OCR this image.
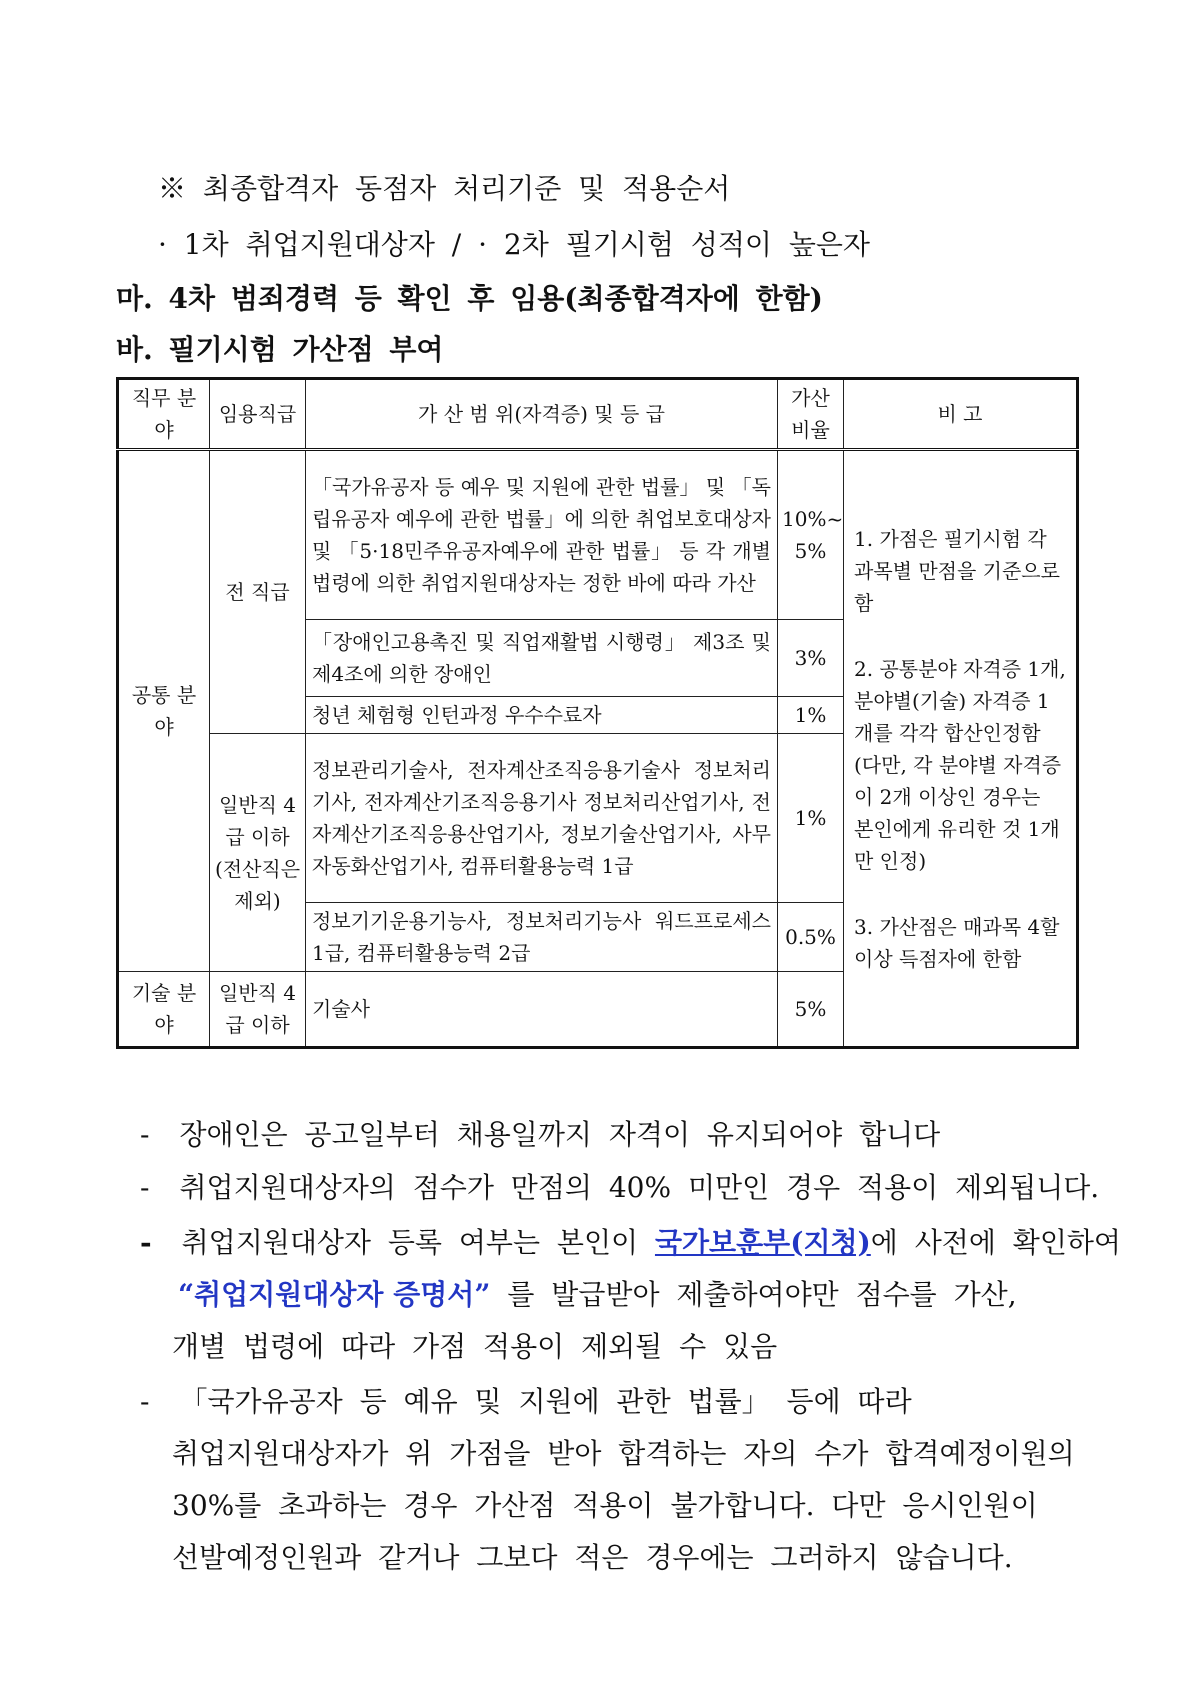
※ 최종합격자 동점자 처리기준 및 적용순서
· 1차 취업지원대상자 / · 2차 필기시험 성적이 높은자
마. 4차 범죄경력 등 확인 후 임용(최종합격자에 한함)
바. 필기시험 가산점 부여
직무 분야	임용직급	가 산 범 위(자격증) 및 등 급	가산 비율	비 고
공통 분야	전 직급	「국가유공자 등 예우 및 지원에 관한 법률」 및 「독립유공자 예우에 관한 법률」에 의한 취업보호대상자 및 「5·18민주유공자예우에 관한 법률」 등 각 개별법령에 의한 취업지원대상자는 정한 바에 따라 가산	10%~ 5%	1. 가점은 필기시험 각 과목별 만점을 기준으로 함

2. 공통분야 자격증 1개, 분야별(기술) 자격증 1개를 각각 합산인정함(다만, 각 분야별 자격증이 2개 이상인 경우는 본인에게 유리한 것 1개만 인정)

3. 가산점은 매과목 4할 이상 득점자에 한함

		「장애인고용촉진 및 직업재활법 시행령」 제3조 및 제4조에 의한 장애인	3%	
		청년 체험형 인턴과정 우수수료자	1%	
	일반직 4급 이하 (전산직은 제외)	정보관리기술사, 전자계산조직응용기술사 정보처리기사, 전자계산기조직응용기사 정보처리산업기사, 전자계산기조직응용산업기사, 정보기술산업기사, 사무자동화산업기사, 컴퓨터활용능력 1급	1%	
		정보기기운용기능사, 정보처리기능사 워드프로세스 1급, 컴퓨터활용능력 2급	0.5%	
기술 분야	일반직 4급 이하	기술사	5%	
- 장애인은 공고일부터 채용일까지 자격이 유지되어야 합니다
- 취업지원대상자의 점수가 만점의 40% 미만인 경우 적용이 제외됩니다.
- 취업지원대상자 등록 여부는 본인이 국가보훈부(지청)에 사전에 확인하여
“취업지원대상자 증명서” 를 발급받아 제출하여야만 점수를 가산,
개별 법령에 따라 가점 적용이 제외될 수 있음
- 「국가유공자 등 예유 및 지원에 관한 법률」 등에 따라
취업지원대상자가 위 가점을 받아 합격하는 자의 수가 합격예정이원의
30%를 초과하는 경우 가산점 적용이 불가합니다. 다만 응시인원이
선발예정인원과 같거나 그보다 적은 경우에는 그러하지 않습니다.
